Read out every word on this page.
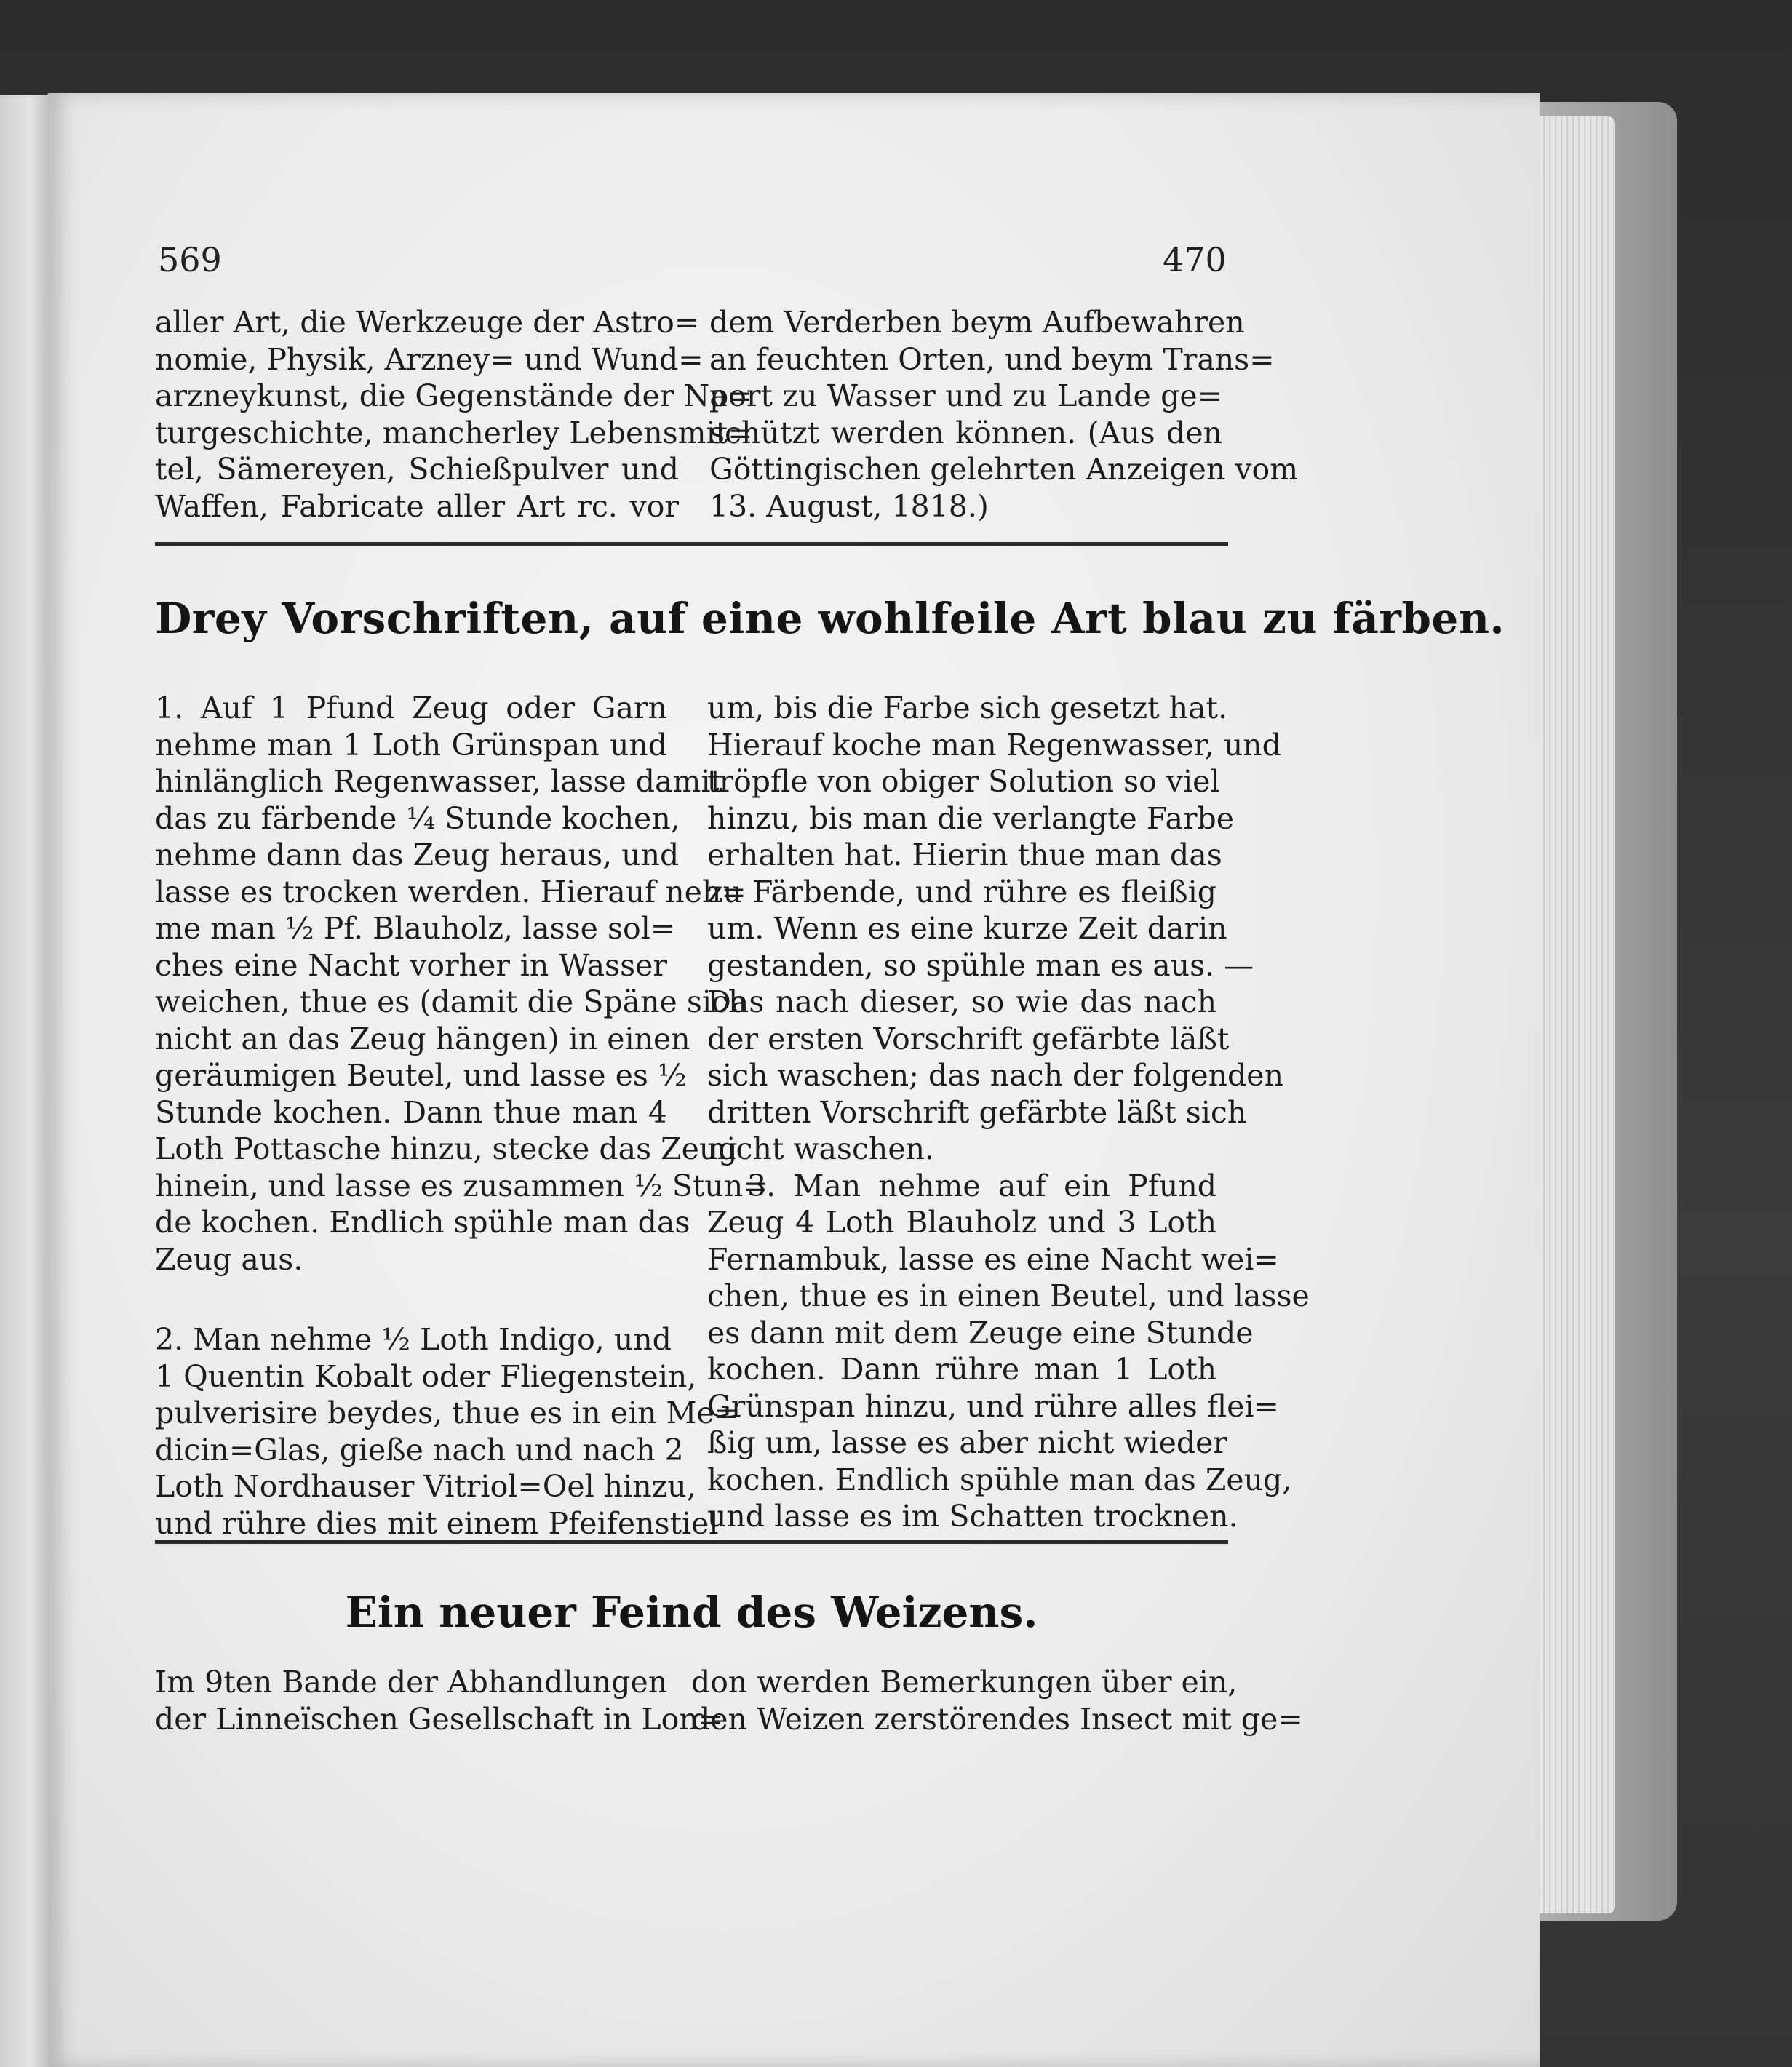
569	470
aller Art, die Werkzeuge der Astro=
nomie, Physik, Arzney= und Wund=
arzneykunst, die Gegenstände der Na=
turgeschichte, mancherley Lebensmit=
tel, Sämereyen, Schießpulver und
Waffen, Fabricate aller Art rc. vor
dem Verderben beym Aufbewahren
an feuchten Orten, und beym Trans=
port zu Wasser und zu Lande ge=
schützt werden können. (Aus den
Göttingischen gelehrten Anzeigen vom
13. August, 1818.)
Drey Vorschriften, auf eine wohlfeile Art blau zu färben.
1. Auf 1 Pfund Zeug oder Garn
nehme man 1 Loth Grünspan und
hinlänglich Regenwasser, lasse damit
das zu färbende ¼ Stunde kochen,
nehme dann das Zeug heraus, und
lasse es trocken werden. Hierauf neh=
me man ½ Pf. Blauholz, lasse sol=
ches eine Nacht vorher in Wasser
weichen, thue es (damit die Späne sich
nicht an das Zeug hängen) in einen
geräumigen Beutel, und lasse es ½
Stunde kochen. Dann thue man 4
Loth Pottasche hinzu, stecke das Zeug
hinein, und lasse es zusammen ½ Stun=
de kochen. Endlich spühle man das
Zeug aus.
2. Man nehme ½ Loth Indigo, und
1 Quentin Kobalt oder Fliegenstein,
pulverisire beydes, thue es in ein Me=
dicin=Glas, gieße nach und nach 2
Loth Nordhauser Vitriol=Oel hinzu,
und rühre dies mit einem Pfeifenstiel
um, bis die Farbe sich gesetzt hat.
Hierauf koche man Regenwasser, und
tröpfle von obiger Solution so viel
hinzu, bis man die verlangte Farbe
erhalten hat. Hierin thue man das
zu Färbende, und rühre es fleißig
um. Wenn es eine kurze Zeit darin
gestanden, so spühle man es aus. —
Das nach dieser, so wie das nach
der ersten Vorschrift gefärbte läßt
sich waschen; das nach der folgenden
dritten Vorschrift gefärbte läßt sich
nicht waschen.
3. Man nehme auf ein Pfund
Zeug 4 Loth Blauholz und 3 Loth
Fernambuk, lasse es eine Nacht wei=
chen, thue es in einen Beutel, und lasse
es dann mit dem Zeuge eine Stunde
kochen. Dann rühre man 1 Loth
Grünspan hinzu, und rühre alles flei=
ßig um, lasse es aber nicht wieder
kochen. Endlich spühle man das Zeug,
und lasse es im Schatten trocknen.
Ein neuer Feind des Weizens.
Im 9ten Bande der Abhandlungen
der Linneïschen Gesellschaft in Lon=
don werden Bemerkungen über ein,
den Weizen zerstörendes Insect mit ge=
